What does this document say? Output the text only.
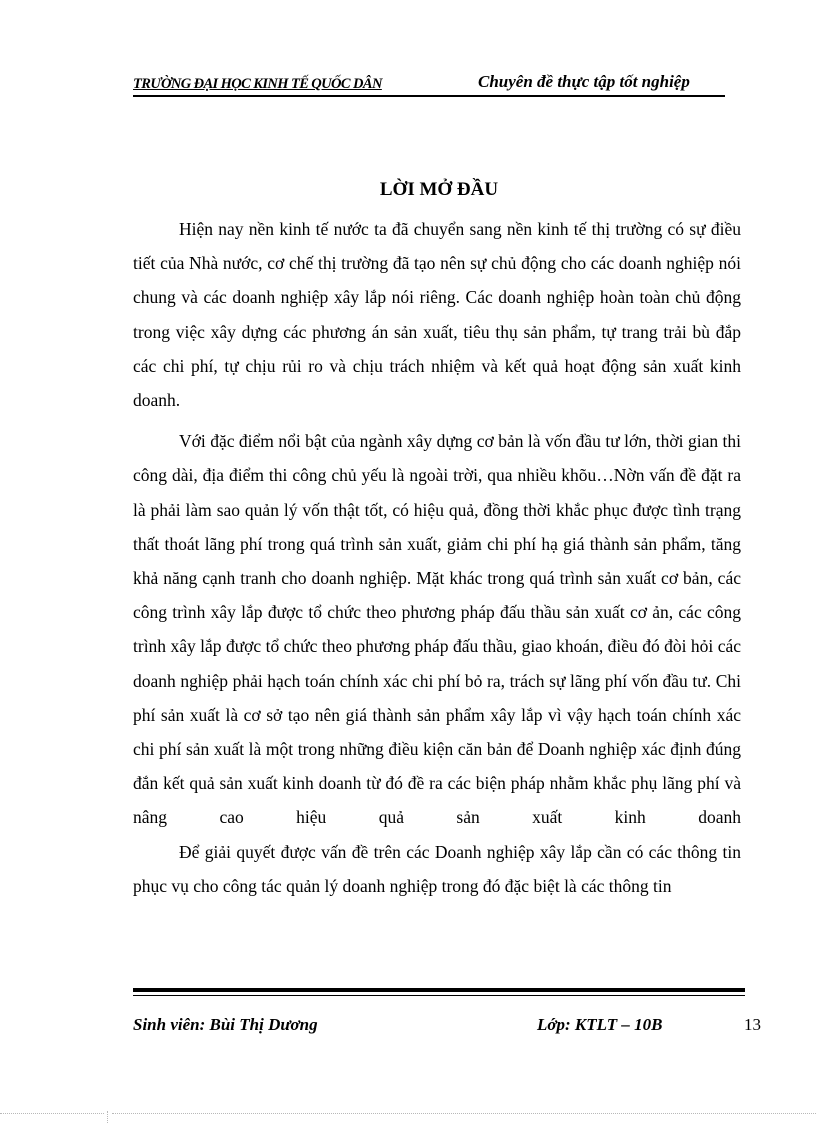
TRƯỜNG ĐẠI HỌC KINH TẾ QUỐC DÂN	Chuyên đề thực tập tốt nghiệp
LỜI MỞ ĐẦU

Hiện nay nền kinh tế nước ta đã chuyển sang nền kinh tế thị trường có sự điều tiết của Nhà nước, cơ chế thị trường đã tạo nên sự chủ động cho các doanh nghiệp nói chung và các doanh nghiệp xây lắp nói riêng. Các doanh nghiệp hoàn toàn chủ động trong việc xây dựng các phương án sản xuất, tiêu thụ sản phẩm, tự trang trải bù đắp các chi phí, tự chịu rủi ro và chịu trách nhiệm và kết quả hoạt động sản xuất kinh doanh.

Với đặc điểm nổi bật của ngành xây dựng cơ bản là vốn đầu tư lớn, thời gian thi công dài, địa điểm thi công chủ yếu là ngoài trời, qua nhiều khõu…Nờn vấn đề đặt ra là phải làm sao quản lý vốn thật tốt, có hiệu quả, đồng thời khắc phục được tình trạng thất thoát lãng phí trong quá trình sản xuất, giảm chi phí hạ giá thành sản phẩm, tăng khả năng cạnh tranh cho doanh nghiệp. Mặt khác trong quá trình sản xuất cơ bản, các công trình xây lắp được tổ chức theo phương pháp đấu thầu sản xuất cơ ản, các công trình xây lắp được tổ chức theo phương pháp đấu thầu, giao khoán, điều đó đòi hỏi các doanh nghiệp phải hạch toán chính xác chi phí bỏ ra, trách sự lãng phí vốn đầu tư. Chi phí sản xuất là cơ sở tạo nên giá thành sản phẩm xây lắp vì vậy hạch toán chính xác chi phí sản xuất là một trong những điều kiện căn bản để Doanh nghiệp xác định đúng đắn kết quả sản xuất kinh doanh từ đó đề ra các biện pháp nhằm khắc phụ lãng phí và nâng cao hiệu quả sản xuất kinh doanh

Để giải quyết được vấn đề trên các Doanh nghiệp xây lắp cần có các thông tin phục vụ cho công tác quản lý doanh nghiệp trong đó đặc biệt là các thông tin

Sinh viên: Bùi Thị Dương	Lớp: KTLT – 10B	13
